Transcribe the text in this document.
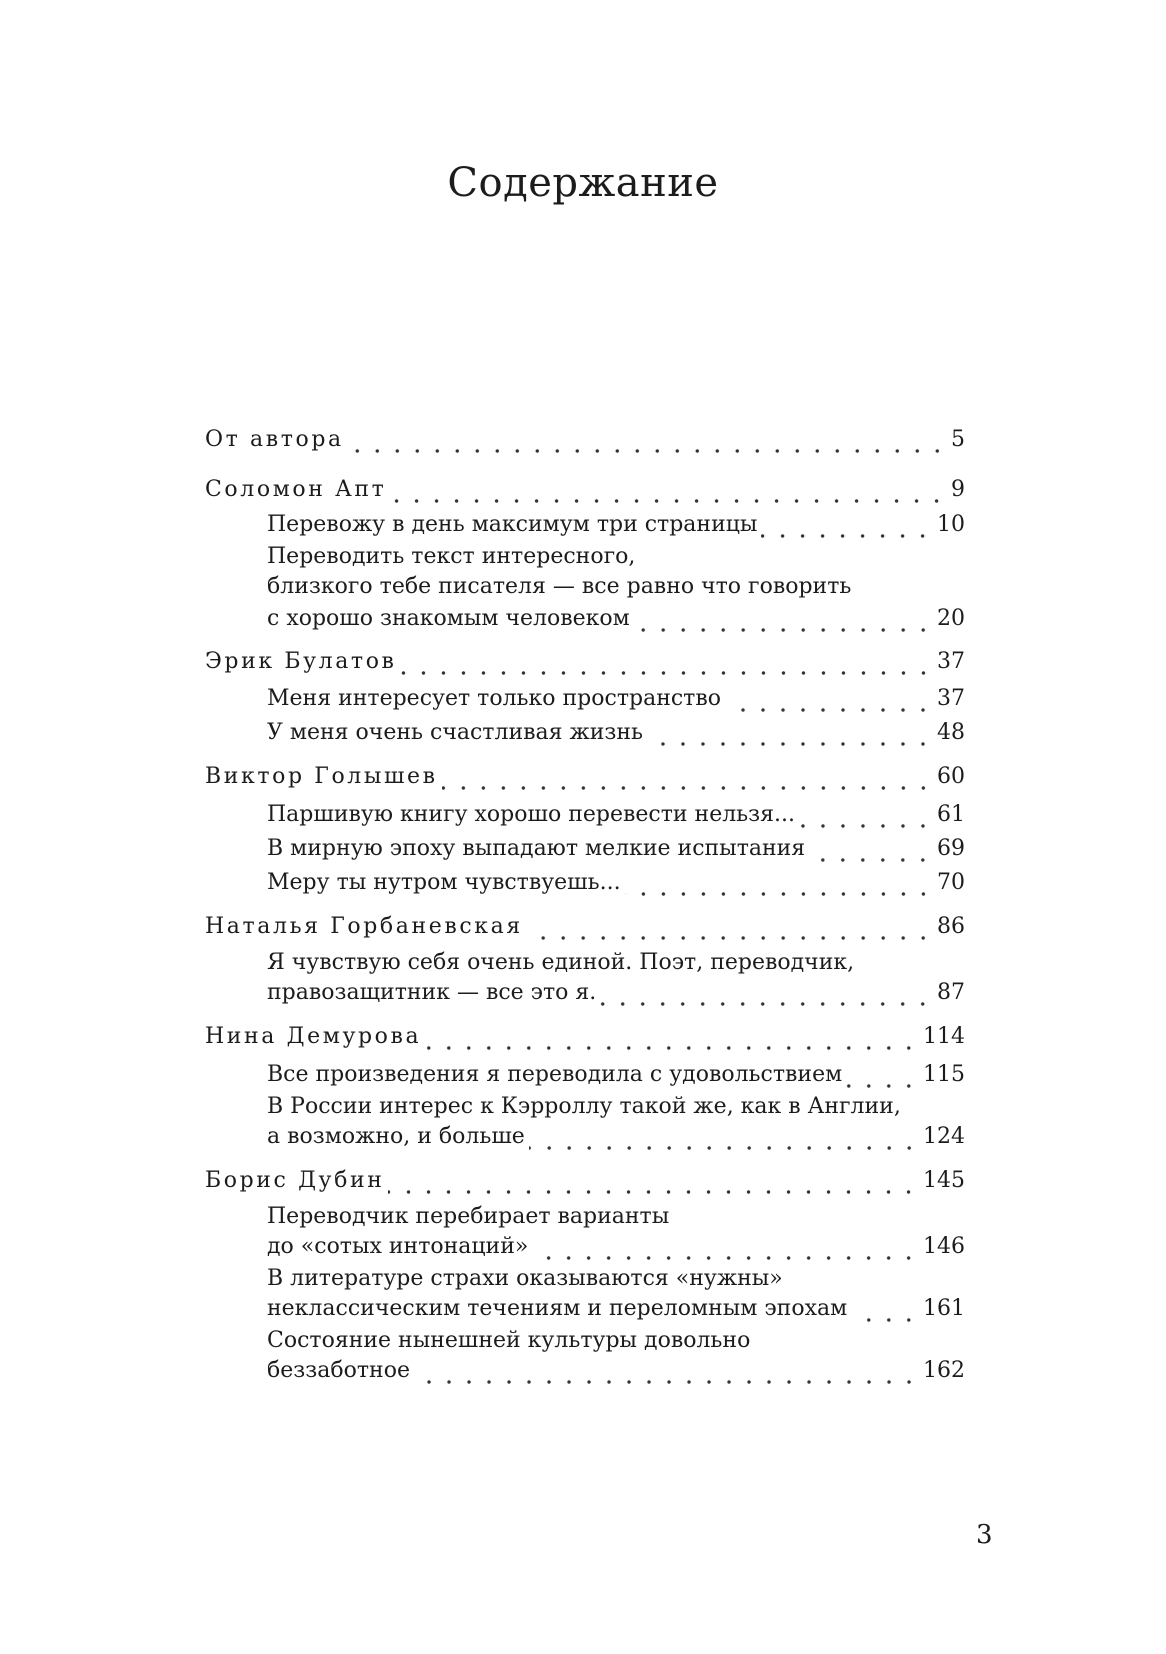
Содержание
От автора	5
Соломон Апт	9
Перевожу в день максимум три страницы	10
Переводить текст интересного,
близкого тебе писателя — все равно что говорить
с хорошо знакомым человеком	20
Эрик Булатов	37
Меня интересует только пространство	37
У меня очень счастливая жизнь	48
Виктор Голышев	60
Паршивую книгу хорошо перевести нельзя...	61
В мирную эпоху выпадают мелкие испытания	69
Меру ты нутром чувствуешь...	70
Наталья Горбаневская	86
Я чувствую себя очень единой. Поэт, переводчик,
правозащитник — все это я.	87
Нина Демурова	114
Все произведения я переводила с удовольствием	115
В России интерес к Кэрроллу такой же, как в Англии,
а возможно, и больше	124
Борис Дубин	145
Переводчик перебирает варианты
до «сотых интонаций»	146
В литературе страхи оказываются «нужны»
неклассическим течениям и переломным эпохам	161
Состояние нынешней культуры довольно
беззаботное	162
3
